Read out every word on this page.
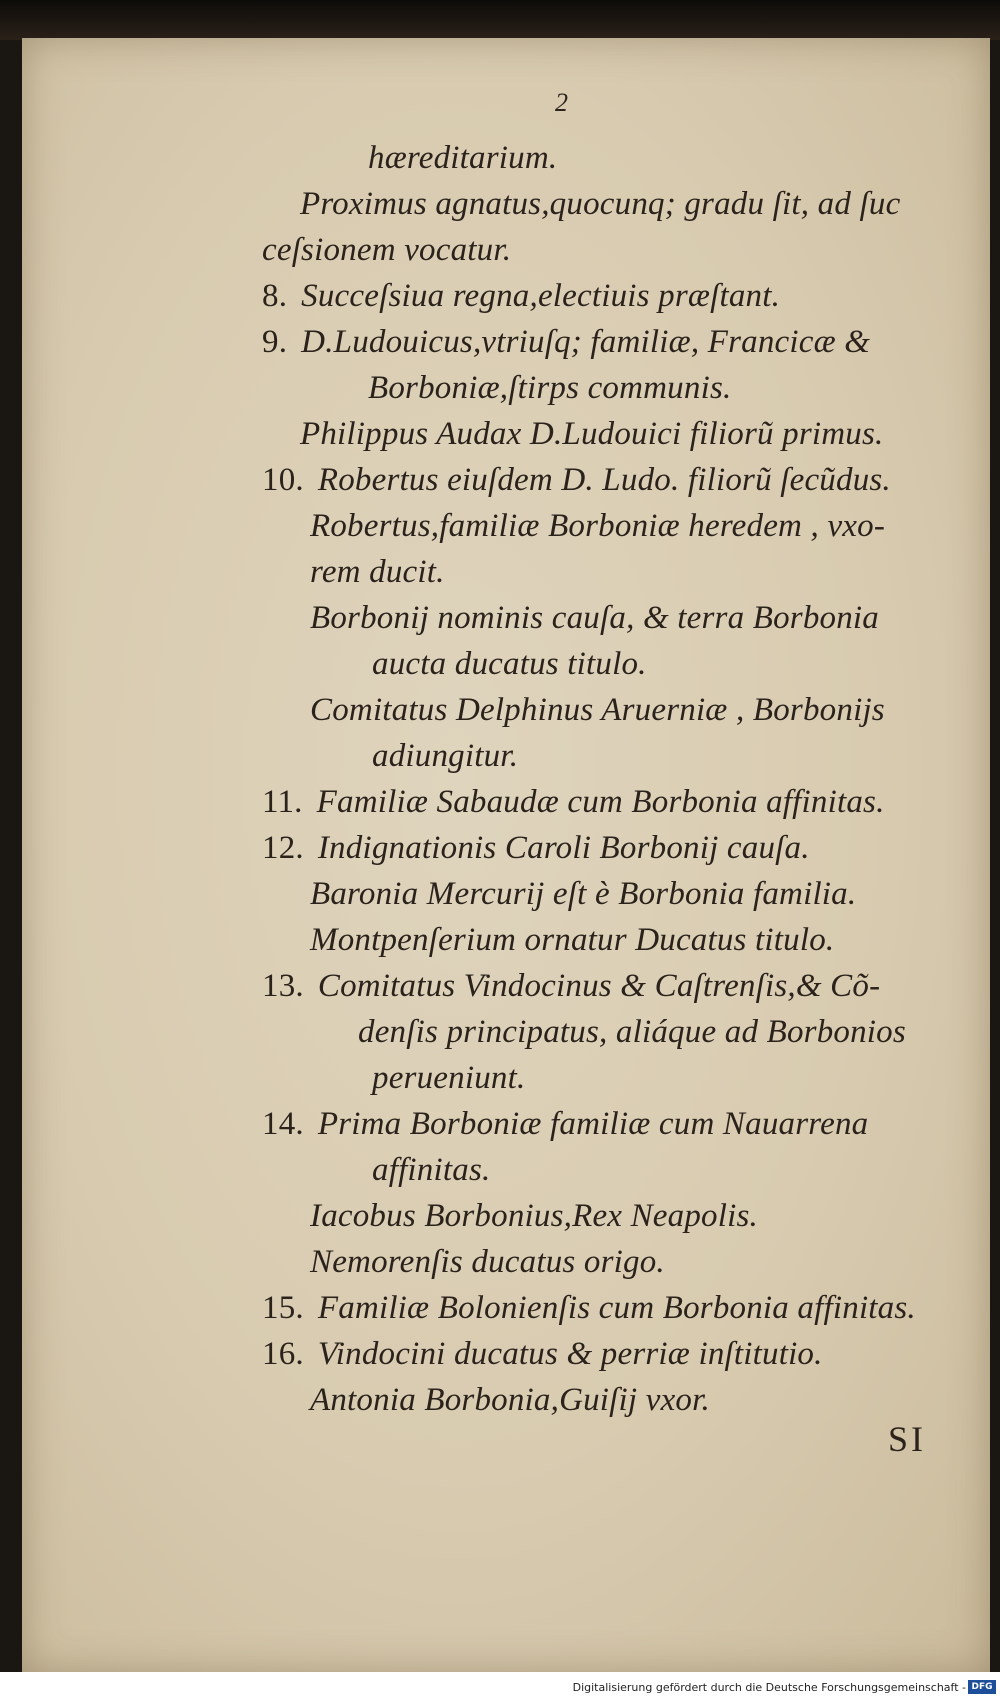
2
hæreditarium.
Proximus agnatus,quocunq; gradu ſit, ad ſuc
ceſsionem vocatur.
8. Succeſsiua regna,electiuis præſtant.
9. D.Ludouicus,vtriuſq; familiæ, Francicæ &
Borboniæ,ſtirps communis.
Philippus Audax D.Ludouici filiorũ primus.
10. Robertus eiuſdem D. Ludo. filiorũ ſecũdus.
Robertus,familiæ Borboniæ heredem , vxo-
rem ducit.
Borbonij nominis cauſa, & terra Borbonia
aucta ducatus titulo.
Comitatus Delphinus Aruerniæ , Borbonijs
adiungitur.
11. Familiæ Sabaudæ cum Borbonia affinitas.
12. Indignationis Caroli Borbonij cauſa.
Baronia Mercurij eſt è Borbonia familia.
Montpenſerium ornatur Ducatus titulo.
13. Comitatus Vindocinus & Caſtrenſis,& Cõ-
denſis principatus, aliáque ad Borbonios
perueniunt.
14. Prima Borboniæ familiæ cum Nauarrena
affinitas.
Iacobus Borbonius,Rex Neapolis.
Nemorenſis ducatus origo.
15. Familiæ Bolonienſis cum Borbonia affinitas.
16. Vindocini ducatus & perriæ inſtitutio.
Antonia Borbonia,Guiſij vxor.
SI
Digitalisierung gefördert durch die Deutsche Forschungsgemeinschaft - DFG
